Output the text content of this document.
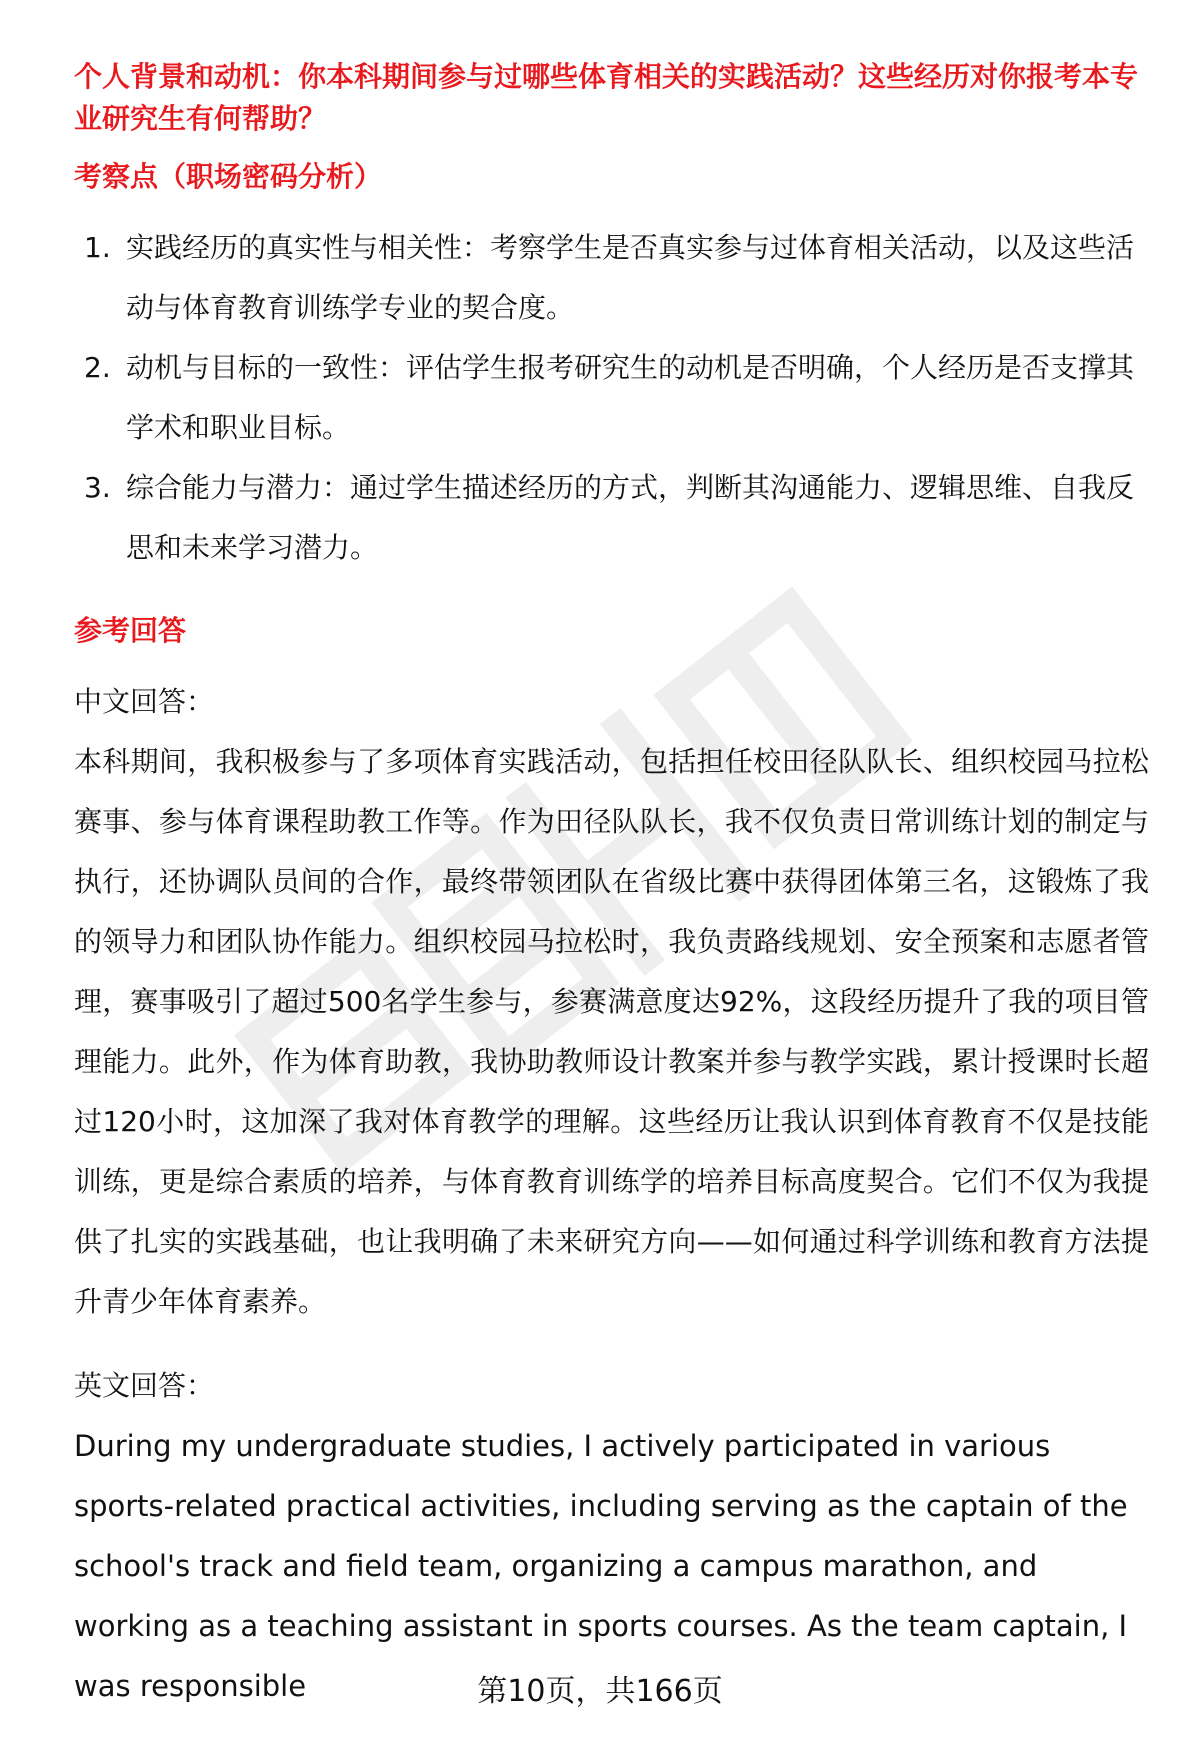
个人背景和动机：你本科期间参与过哪些体育相关的实践活动？这些经历对你报考本专业研究生有何帮助？

考察点（职场密码分析）

1. 实践经历的真实性与相关性：考察学生是否真实参与过体育相关活动，以及这些活动与体育教育训练学专业的契合度。
2. 动机与目标的一致性：评估学生报考研究生的动机是否明确，个人经历是否支撑其学术和职业目标。
3. 综合能力与潜力：通过学生描述经历的方式，判断其沟通能力、逻辑思维、自我反思和未来学习潜力。

参考回答

中文回答：

本科期间，我积极参与了多项体育实践活动，包括担任校田径队队长、组织校园马拉松赛事、参与体育课程助教工作等。作为田径队队长，我不仅负责日常训练计划的制定与执行，还协调队员间的合作，最终带领团队在省级比赛中获得团体第三名，这锻炼了我的领导力和团队协作能力。组织校园马拉松时，我负责路线规划、安全预案和志愿者管理，赛事吸引了超过500名学生参与，参赛满意度达92%，这段经历提升了我的项目管理能力。此外，作为体育助教，我协助教师设计教案并参与教学实践，累计授课时长超过120小时，这加深了我对体育教学的理解。这些经历让我认识到体育教育不仅是技能训练，更是综合素质的培养，与体育教育训练学的培养目标高度契合。它们不仅为我提供了扎实的实践基础，也让我明确了未来研究方向——如何通过科学训练和教育方法提升青少年体育素养。

英文回答：

During my undergraduate studies, I actively participated in various sports-related practical activities, including serving as the captain of the school's track and field team, organizing a campus marathon, and working as a teaching assistant in sports courses. As the team captain, I was responsible	第10页，共166页
